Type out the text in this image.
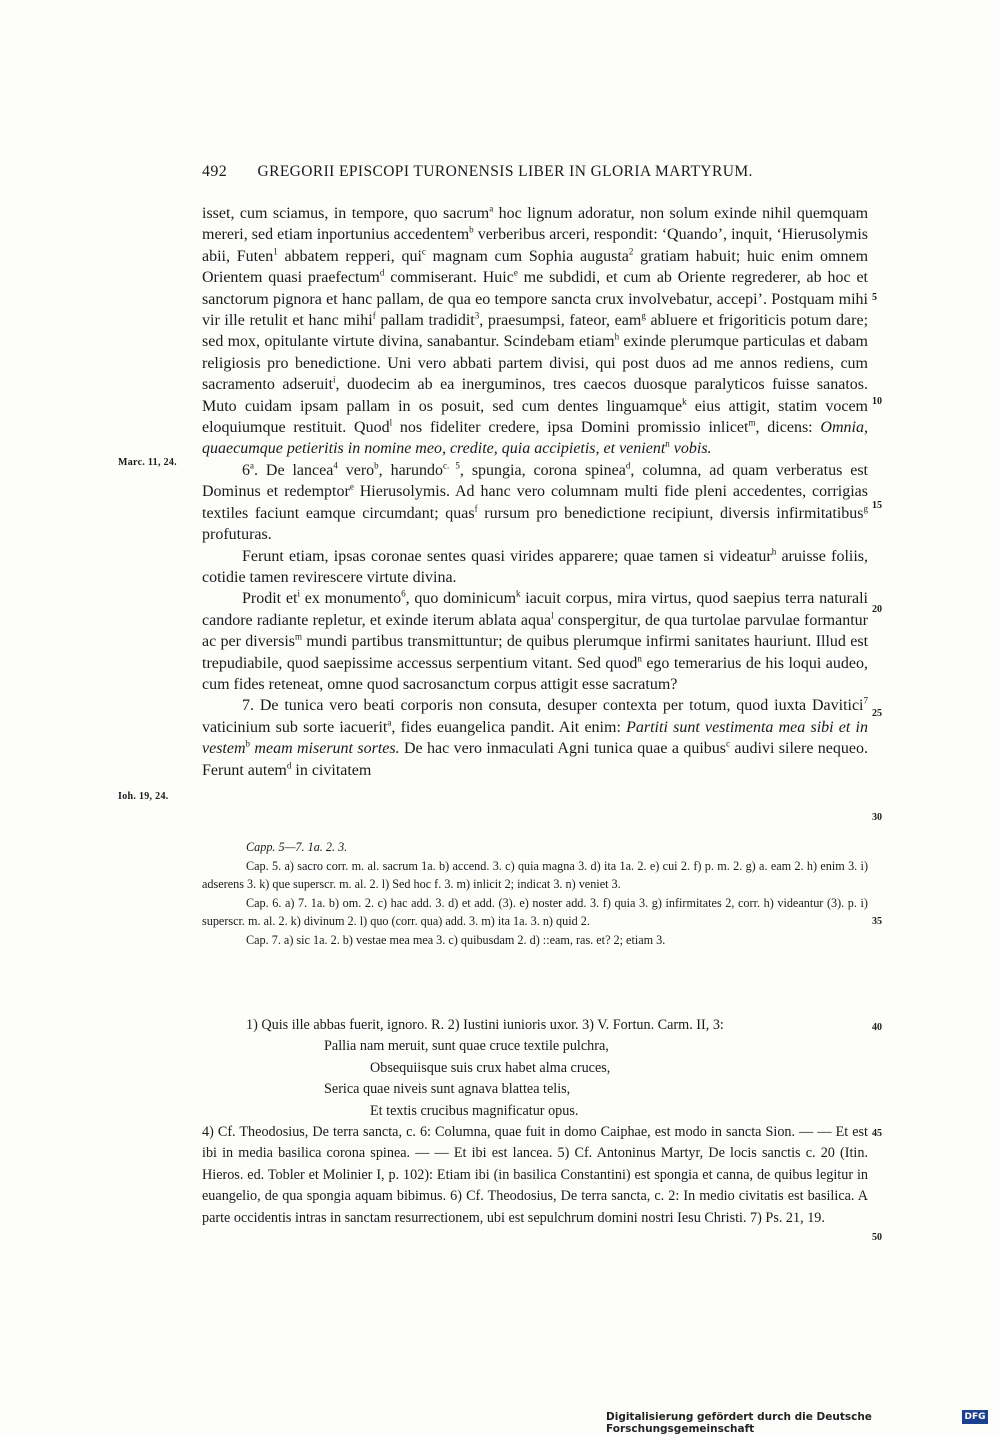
492 GREGORII EPISCOPI TURONENSIS LIBER IN GLORIA MARTYRUM.
Marc. 11, 24.
Ioh. 19, 24.
5
10
15
20
25
30
35
40
45
50

isset, cum sciamus, in tempore, quo sacrum$^a$ hoc lignum adoratur, non solum exinde nihil quemquam mereri, sed etiam inportunius accedentem$^b$ verberibus arceri, respondit: ‘Quando’, inquit, ‘Hierusolymis abii, Futen$^1$ abbatem repperi, qui$^c$ magnam cum Sophia augusta$^2$ gratiam habuit; huic enim omnem Orientem quasi praefectum$^d$ commiserant. Huic$^e$ me subdidi, et cum ab Oriente regrederer, ab hoc et sanctorum pignora et hanc pallam, de qua eo tempore sancta crux involvebatur, accepi’. Postquam mihi vir ille retulit et hanc mihi$^f$ pallam tradidit$^3$, praesumpsi, fateor, eam$^g$ abluere et frigoriticis potum dare; sed mox, opitulante virtute divina, sanabantur. Scindebam etiam$^h$ exinde plerumque particulas et dabam religiosis pro benedictione. Uni vero abbati partem divisi, qui post duos ad me annos rediens, cum sacramento adseruit$^i$, duodecim ab ea inerguminos, tres caecos duosque paralyticos fuisse sanatos. Muto cuidam ipsam pallam in os posuit, sed cum dentes linguamque$^k$ eius attigit, statim vocem eloquiumque restituit. Quod$^l$ nos fideliter credere, ipsa Domini promissio inlicet$^m$, dicens: Omnia, quaecumque petieritis in nomine meo, credite, quia accipietis, et venient$^n$ vobis.

6$^a$. De lancea$^4$ vero$^b$, harundo$^{c. 5}$, spungia, corona spinea$^d$, columna, ad quam verberatus est Dominus et redemptor$^e$ Hierusolymis. Ad hanc vero columnam multi fide pleni accedentes, corrigias textiles faciunt eamque circumdant; quas$^f$ rursum pro benedictione recipiunt, diversis infirmitatibus$^g$ profuturas.

Ferunt etiam, ipsas coronae sentes quasi virides apparere; quae tamen si videatur$^h$ aruisse foliis, cotidie tamen revirescere virtute divina.

Prodit $et^i$ ex monumento$^6$, quo dominicum$^k$ iacuit corpus, mira virtus, quod saepius terra naturali candore radiante repletur, et exinde iterum ablata aqua$^l$ conspergitur, de qua turtolae parvulae formantur ac per diversis$^m$ mundi partibus transmittuntur; de quibus plerumque infirmi sanitates hauriunt. Illud est trepudiabile, quod saepissime accessus serpentium vitant. Sed quod$^n$ ego temerarius de his loqui audeo, cum fides reteneat, omne quod sacrosanctum corpus attigit esse sacratum?

7. De tunica vero beati corporis non consuta, desuper contexta per totum, quod iuxta Davitici$^7$ vaticinium sub sorte iacuerit$^a$, fides euangelica pandit. Ait enim: Partiti sunt vestimenta mea sibi et in vestem$^b$ meam miserunt sortes. De hac vero inmaculati Agni tunica quae a quibus$^c$ audivi silere nequeo. Ferunt autem$^d$ in civitatem

Capp. 5—7. 1a. 2. 3.

Cap. 5. a) sacro corr. m. al. sacrum 1a. b) accend. 3. c) quia magna 3. d) ita 1a. 2. e) cui 2. f) p. m. 2. g) a. eam 2. h) enim 3. i) adserens 3. k) que superscr. m. al. 2. l) Sed hoc f. 3. m) inlicit 2; indicat 3. n) veniet 3.

Cap. 6. a) 7. 1a. b) om. 2. c) hac add. 3. d) et add. (3). e) noster add. 3. f) quia 3. g) infirmitates 2, corr. h) videantur (3). p. i) superscr. m. al. 2. k) divinum 2. l) quo (corr. qua) add. 3. m) ita 1a. 3. n) quid 2.

Cap. 7. a) sic 1a. 2. b) vestae mea mea 3. c) quibusdam 2. d) ::eam, ras. et? 2; etiam 3.

1) Quis ille abbas fuerit, ignoro. R. 2) Iustini iunioris uxor. 3) V. Fortun. Carm. II, 3:

Pallia nam meruit, sunt quae cruce textile pulchra,

Obsequiisque suis crux habet alma cruces,

Serica quae niveis sunt agnava blattea telis,

Et textis crucibus magnificatur opus.

4) Cf. Theodosius, De terra sancta, c. 6: Columna, quae fuit in domo Caiphae, est modo in sancta Sion. — — Et est ibi in media basilica corona spinea. — — Et ibi est lancea. 5) Cf. Antoninus Martyr, De locis sanctis c. 20 (Itin. Hieros. ed. Tobler et Molinier I, p. 102): Etiam ibi (in basilica Constantini) est spongia et canna, de quibus legitur in euangelio, de qua spongia aquam bibimus. 6) Cf. Theodosius, De terra sancta, c. 2: In medio civitatis est basilica. A parte occidentis intras in sanctam resurrectionem, ubi est sepulchrum domini nostri Iesu Christi. 7) Ps. 21, 19.

Digitalisierung gefördert durch die Deutsche Forschungsgemeinschaft
DFG
